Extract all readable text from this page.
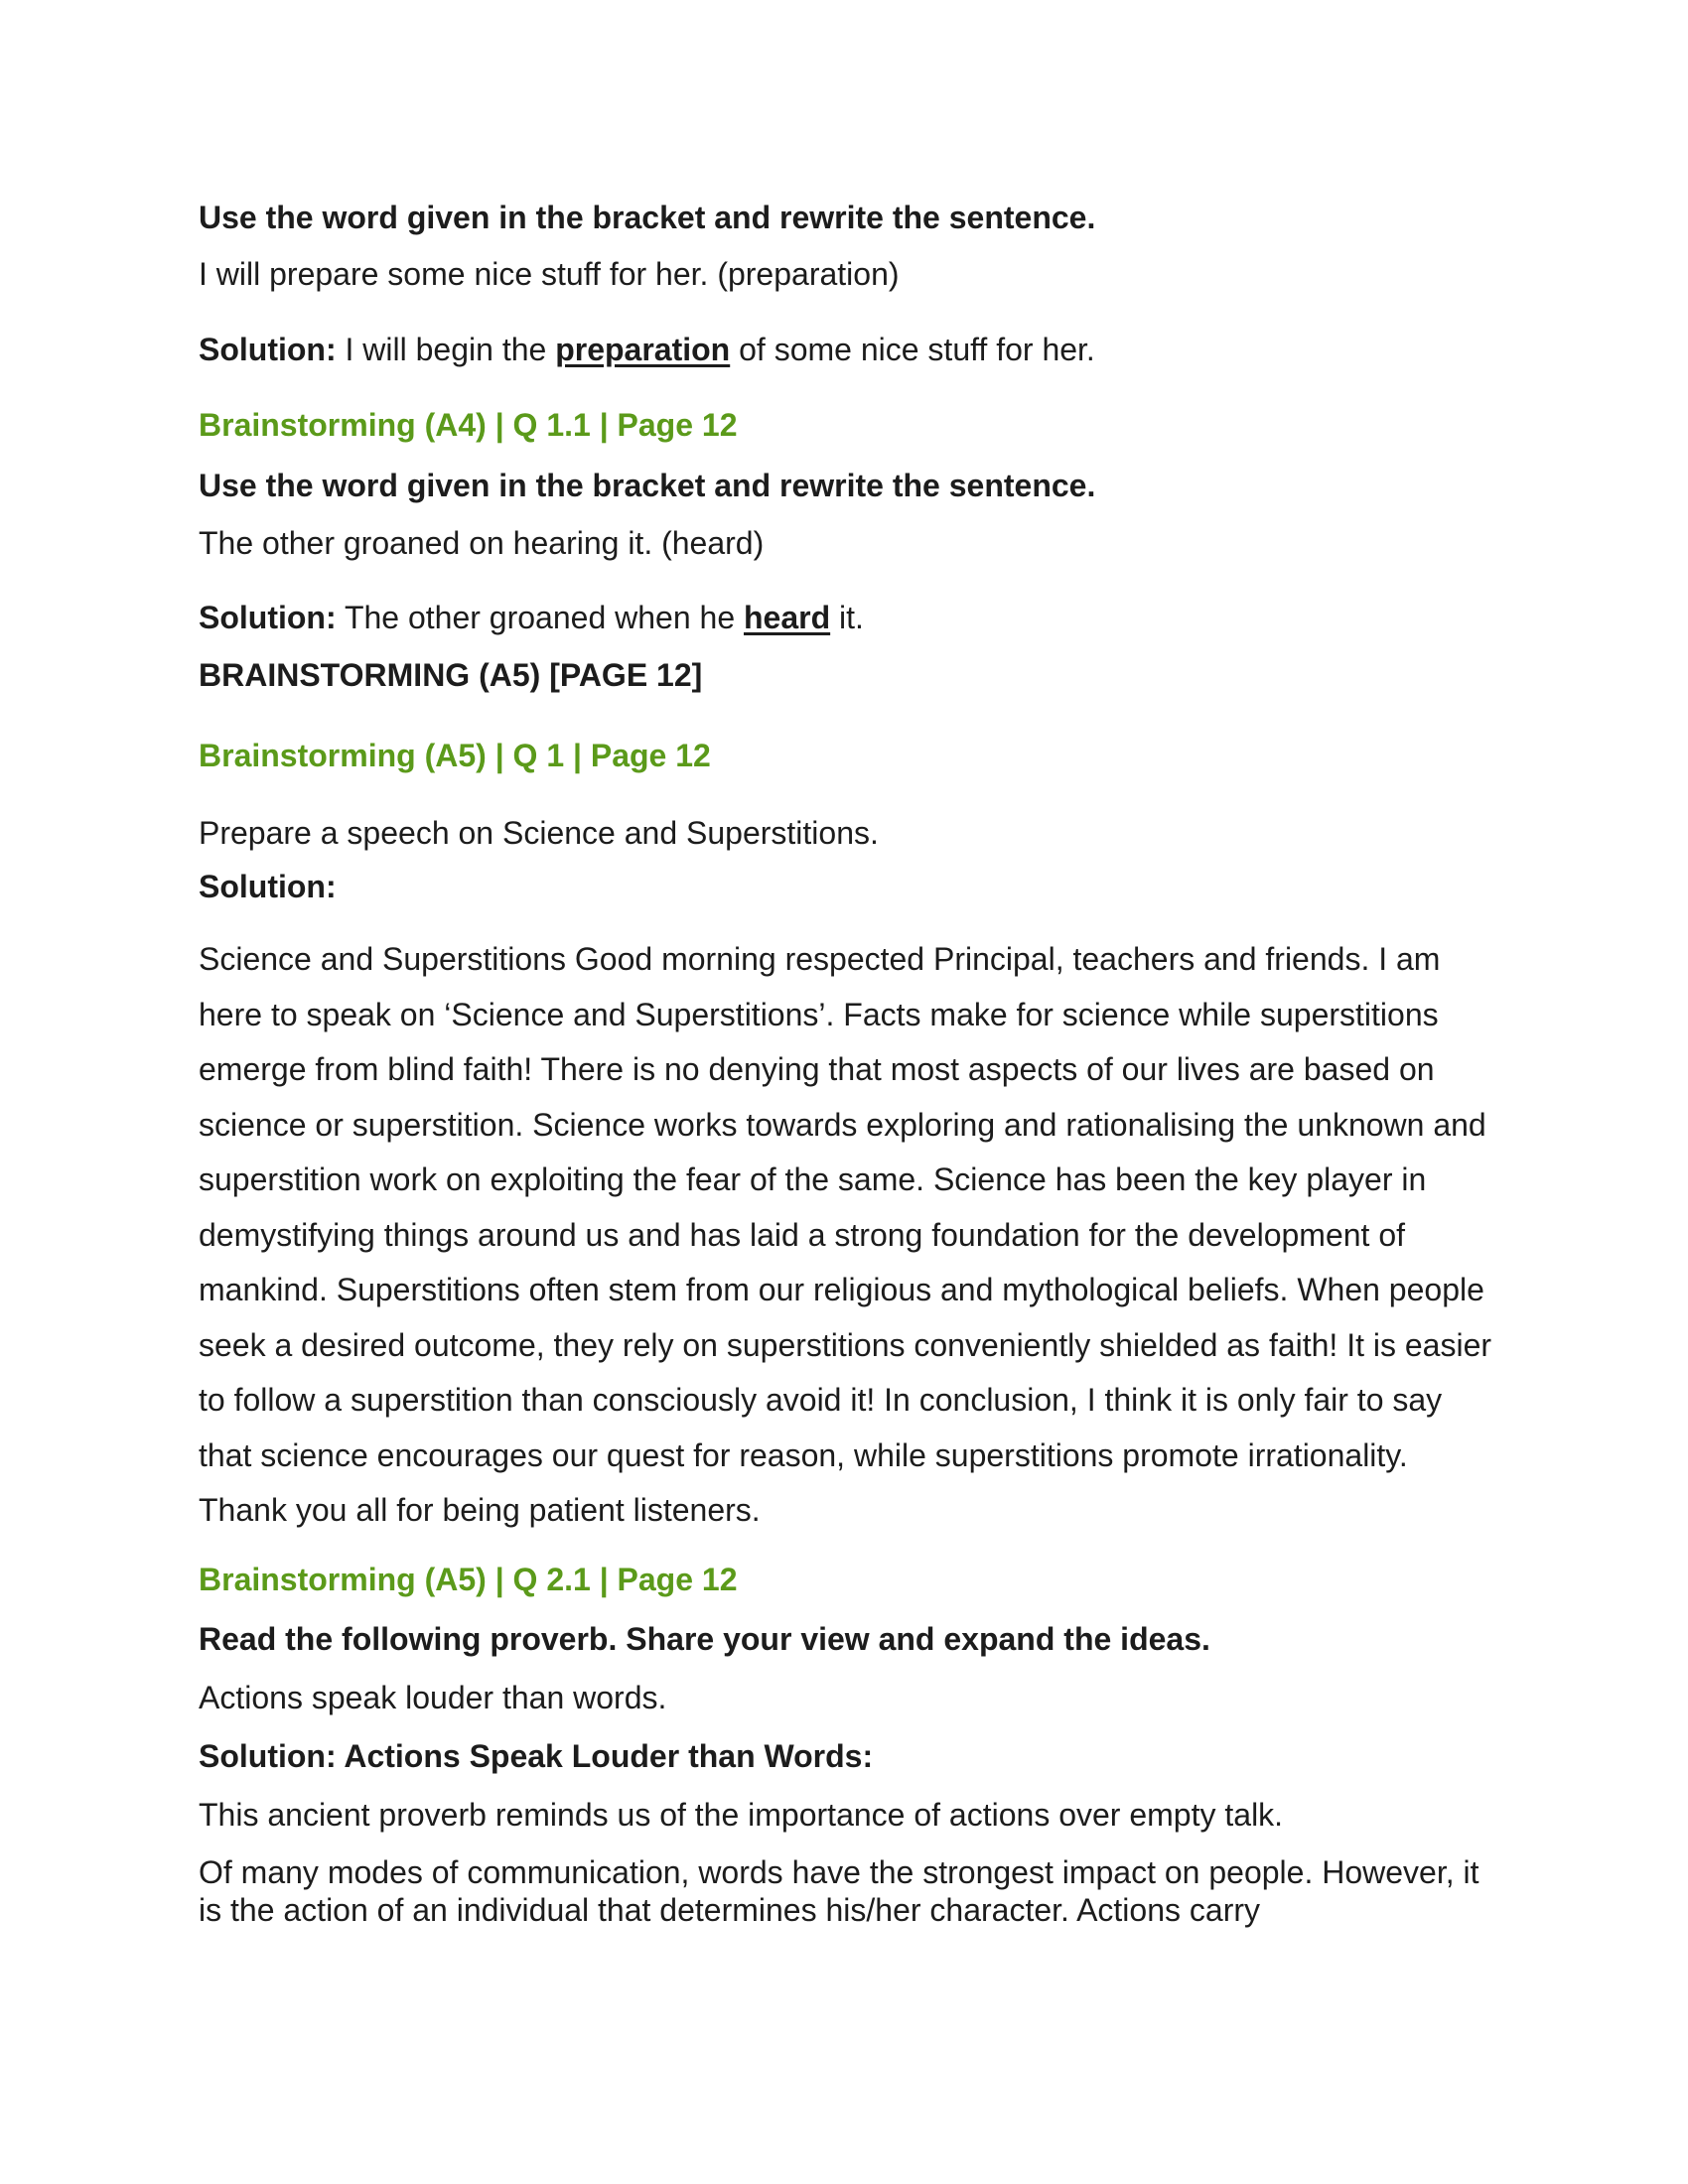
Use the word given in the bracket and rewrite the sentence.

I will prepare some nice stuff for her. (preparation)

Solution: I will begin the preparation of some nice stuff for her.

Brainstorming (A4) | Q 1.1 | Page 12

Use the word given in the bracket and rewrite the sentence.

The other groaned on hearing it. (heard)

Solution: The other groaned when he heard it.

BRAINSTORMING (A5) [PAGE 12]

Brainstorming (A5) | Q 1 | Page 12

Prepare a speech on Science and Superstitions.

Solution:

Science and Superstitions Good morning respected Principal, teachers and friends. I am here to speak on ‘Science and Superstitions’. Facts make for science while superstitions emerge from blind faith! There is no denying that most aspects of our lives are based on science or superstition. Science works towards exploring and rationalising the unknown and superstition work on exploiting the fear of the same. Science has been the key player in demystifying things around us and has laid a strong foundation for the development of mankind. Superstitions often stem from our religious and mythological beliefs. When people seek a desired outcome, they rely on superstitions conveniently shielded as faith! It is easier to follow a superstition than consciously avoid it! In conclusion, I think it is only fair to say that science encourages our quest for reason, while superstitions promote irrationality. Thank you all for being patient listeners.

Brainstorming (A5) | Q 2.1 | Page 12

Read the following proverb. Share your view and expand the ideas.

Actions speak louder than words.

Solution: Actions Speak Louder than Words:

This ancient proverb reminds us of the importance of actions over empty talk.

Of many modes of communication, words have the strongest impact on people. However, it is the action of an individual that determines his/her character. Actions carry
